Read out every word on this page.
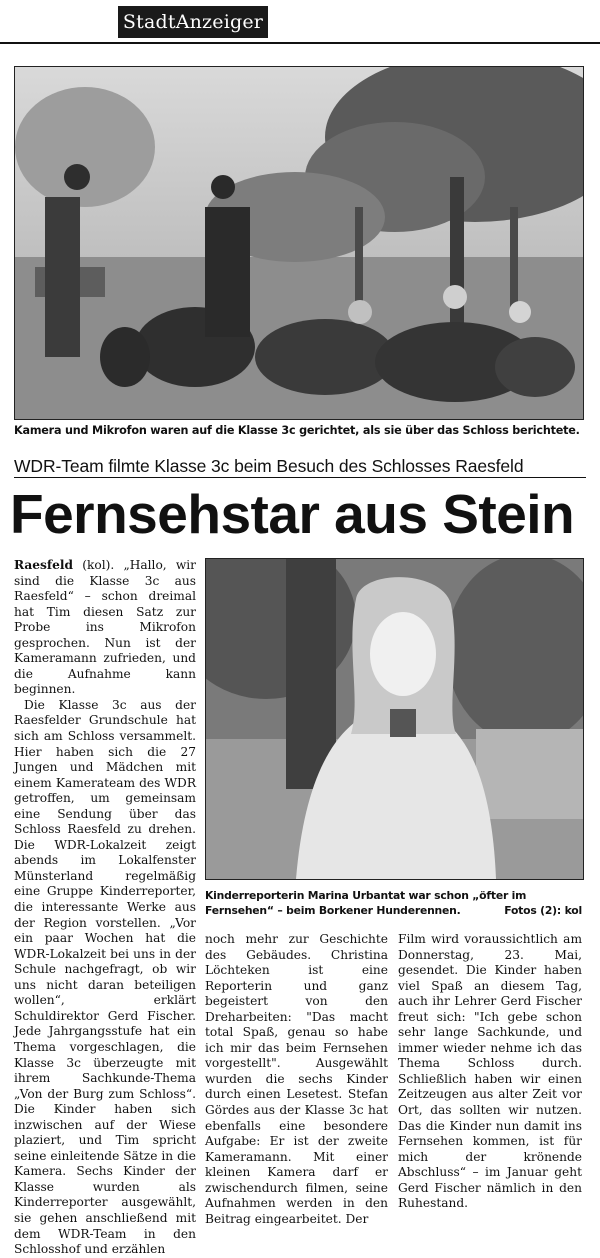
StadtAnzeiger
Kamera und Mikrofon waren auf die Klasse 3c gerichtet, als sie über das Schloss berichtete.
WDR-Team filmte Klasse 3c beim Besuch des Schlosses Raesfeld
Fernsehstar aus Stein
Kinderreporterin Marina Urbantat war schon „öfter im
Fernsehen“ – beim Borkener Hunderennen.	Fotos (2): kol

Raesfeld (kol). „Hallo, wir sind die Klasse 3c aus Raesfeld“ – schon dreimal hat Tim diesen Satz zur Probe ins Mikrofon gesprochen. Nun ist der Kameramann zufrieden, und die Aufnahme kann beginnen.

Die Klasse 3c aus der Raesfelder Grundschule hat sich am Schloss versammelt. Hier haben sich die 27 Jungen und Mädchen mit einem Kamerateam des WDR getroffen, um gemeinsam eine Sendung über das Schloss Raesfeld zu drehen. Die WDR-Lokalzeit zeigt abends im Lokalfenster Münsterland regelmäßig eine Gruppe Kinderreporter, die interessante Werke aus der Region vorstellen. „Vor ein paar Wochen hat die WDR-Lokalzeit bei uns in der Schule nachgefragt, ob wir uns nicht daran beteiligen wollen“, erklärt Schuldirektor Gerd Fischer. Jede Jahrgangsstufe hat ein Thema vorgeschlagen, die Klasse 3c überzeugte mit ihrem Sachkunde-Thema „Von der Burg zum Schloss“. Die Kinder haben sich inzwischen auf der Wiese plaziert, und Tim spricht seine einleitende Sätze in die Kamera. Sechs Kinder der Klasse wurden als Kinderreporter ausgewählt, sie gehen anschließend mit dem WDR-Team in den Schlosshof und erzählen

noch mehr zur Geschichte des Gebäudes. Christina Löchteken ist eine Reporterin und ganz begeistert von den Dreharbeiten: "Das macht total Spaß, genau so habe ich mir das beim Fernsehen vorgestellt". Ausgewählt wurden die sechs Kinder durch einen Lesetest. Stefan Gördes aus der Klasse 3c hat ebenfalls eine besondere Aufgabe: Er ist der zweite Kameramann. Mit einer kleinen Kamera darf er zwischendurch filmen, seine Aufnahmen werden in den Beitrag eingearbeitet. Der

Film wird voraussichtlich am Donnerstag, 23. Mai, gesendet. Die Kinder haben viel Spaß an diesem Tag, auch ihr Lehrer Gerd Fischer freut sich: "Ich gebe schon sehr lange Sachkunde, und immer wieder nehme ich das Thema Schloss durch. Schließlich haben wir einen Zeitzeugen aus alter Zeit vor Ort, das sollten wir nutzen. Das die Kinder nun damit ins Fernsehen kommen, ist für mich der krönende Abschluss“ – im Januar geht Gerd Fischer nämlich in den Ruhestand.
